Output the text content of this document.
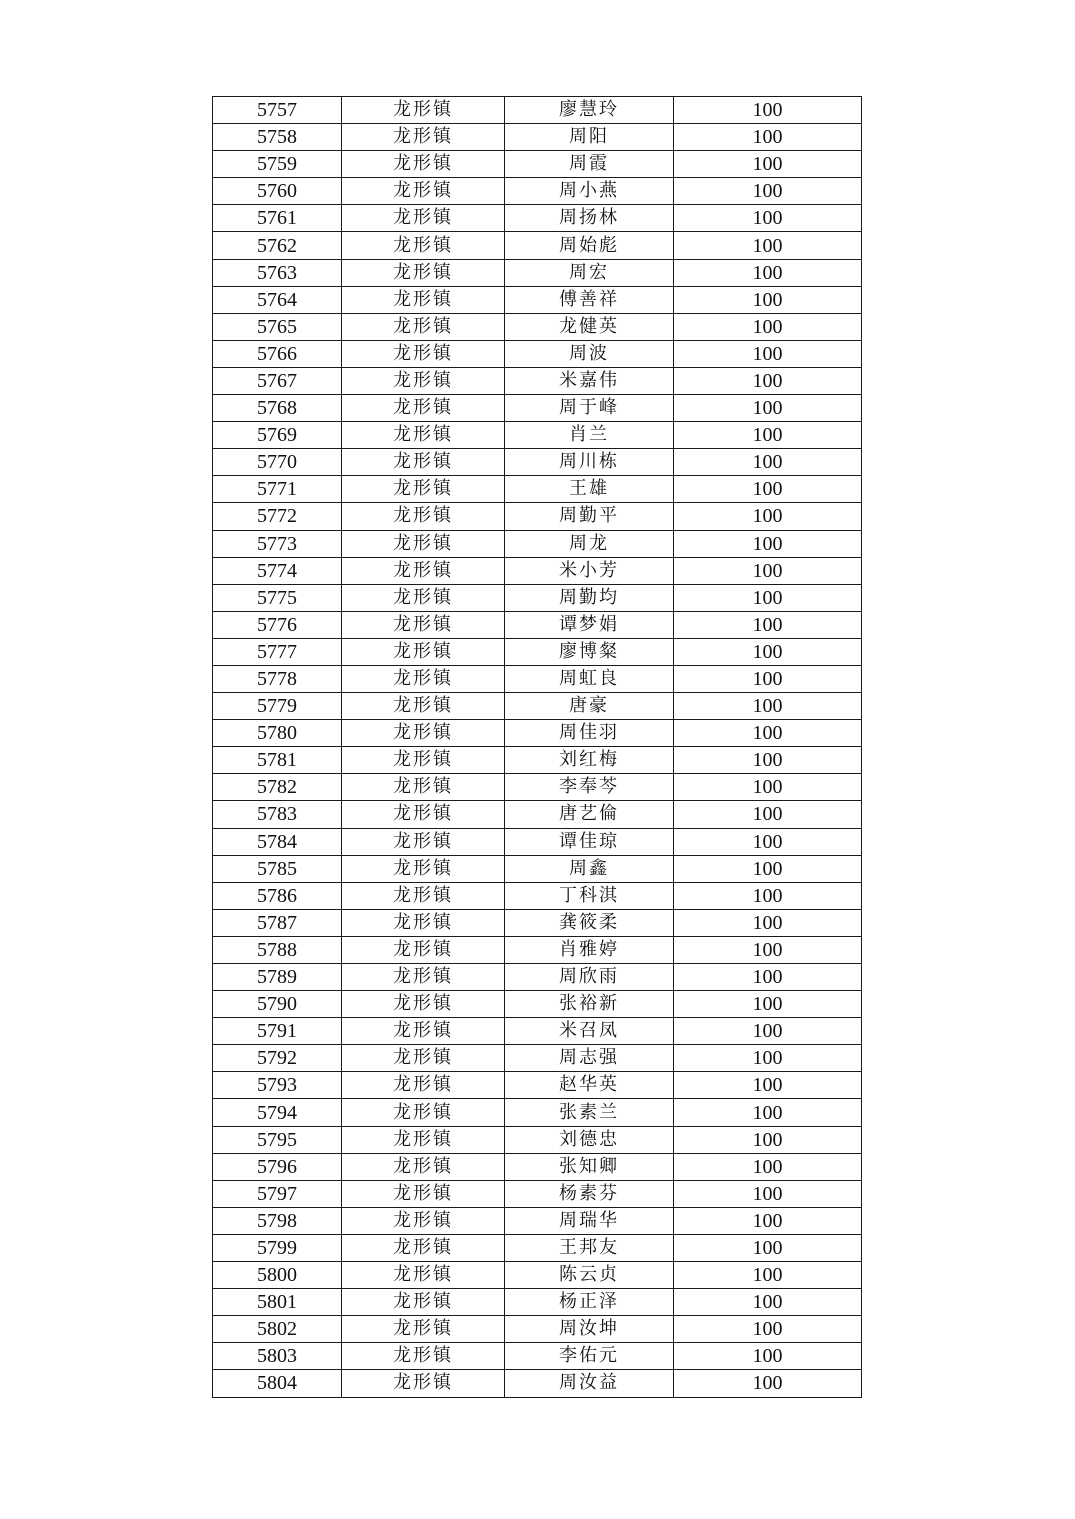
5757	龙形镇	廖慧玲	100
5758	龙形镇	周阳	100
5759	龙形镇	周霞	100
5760	龙形镇	周小燕	100
5761	龙形镇	周扬林	100
5762	龙形镇	周始彪	100
5763	龙形镇	周宏	100
5764	龙形镇	傅善祥	100
5765	龙形镇	龙健英	100
5766	龙形镇	周波	100
5767	龙形镇	米嘉伟	100
5768	龙形镇	周于峰	100
5769	龙形镇	肖兰	100
5770	龙形镇	周川栋	100
5771	龙形镇	王雄	100
5772	龙形镇	周勤平	100
5773	龙形镇	周龙	100
5774	龙形镇	米小芳	100
5775	龙形镇	周勤均	100
5776	龙形镇	谭梦娟	100
5777	龙形镇	廖博粲	100
5778	龙形镇	周虹良	100
5779	龙形镇	唐豪	100
5780	龙形镇	周佳羽	100
5781	龙形镇	刘红梅	100
5782	龙形镇	李奉芩	100
5783	龙形镇	唐艺倫	100
5784	龙形镇	谭佳琼	100
5785	龙形镇	周鑫	100
5786	龙形镇	丁科淇	100
5787	龙形镇	龚筱柔	100
5788	龙形镇	肖雅婷	100
5789	龙形镇	周欣雨	100
5790	龙形镇	张裕新	100
5791	龙形镇	米召凤	100
5792	龙形镇	周志强	100
5793	龙形镇	赵华英	100
5794	龙形镇	张素兰	100
5795	龙形镇	刘德忠	100
5796	龙形镇	张知卿	100
5797	龙形镇	杨素芬	100
5798	龙形镇	周瑞华	100
5799	龙形镇	王邦友	100
5800	龙形镇	陈云贞	100
5801	龙形镇	杨正泽	100
5802	龙形镇	周汝坤	100
5803	龙形镇	李佑元	100
5804	龙形镇	周汝益	100
